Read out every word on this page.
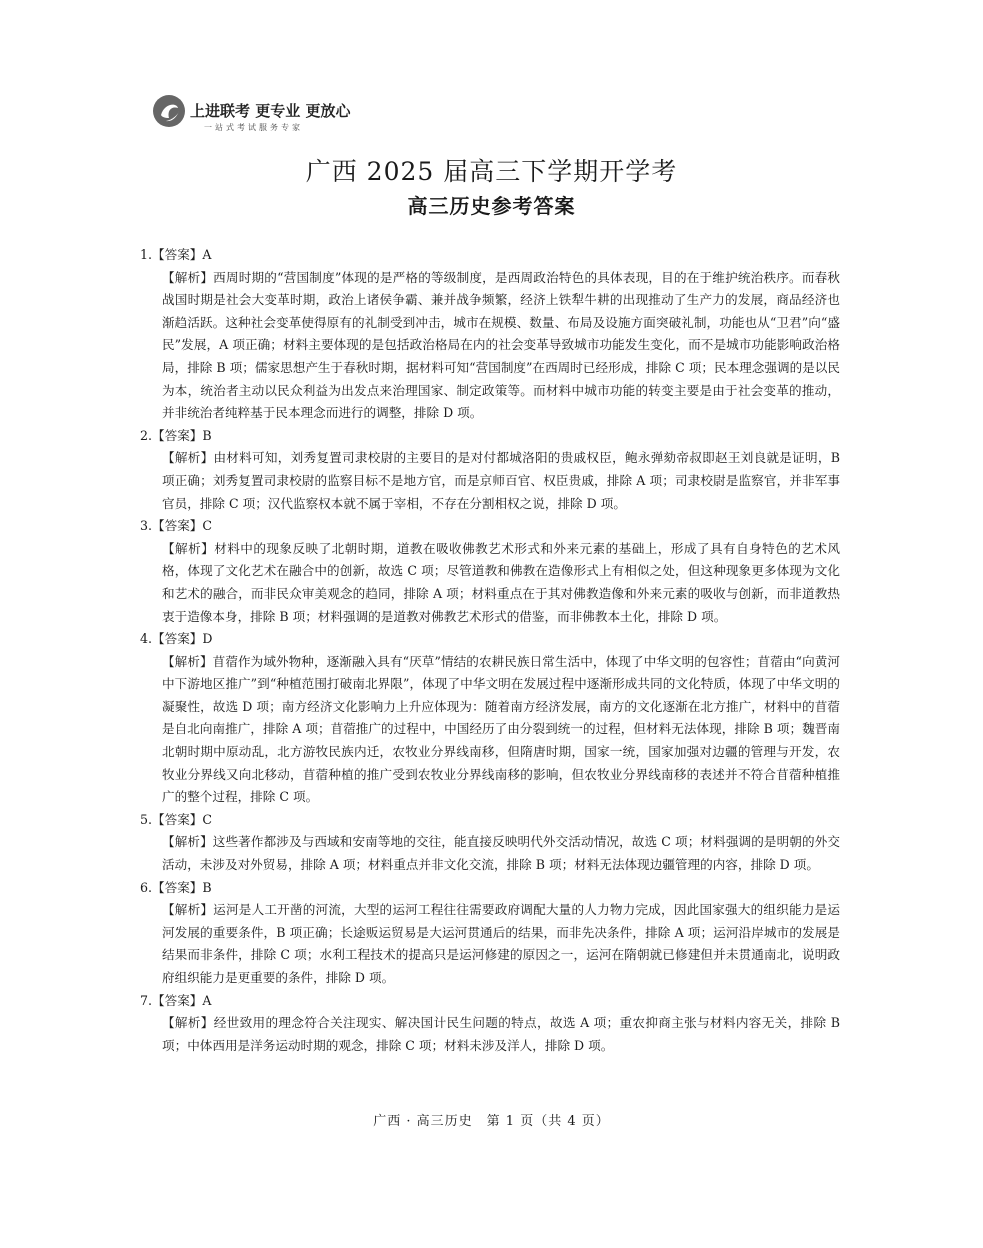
上进联考 更专业 更放心
一站式考试服务专家
广西 2025 届高三下学期开学考
高三历史参考答案

1.【答案】A

【解析】西周时期的“营国制度”体现的是严格的等级制度，是西周政治特色的具体表现，目的在于维护统治秩序。而春秋战国时期是社会大变革时期，政治上诸侯争霸、兼并战争频繁，经济上铁犁牛耕的出现推动了生产力的发展，商品经济也渐趋活跃。这种社会变革使得原有的礼制受到冲击，城市在规模、数量、布局及设施方面突破礼制，功能也从“卫君”向“盛民”发展，A 项正确；材料主要体现的是包括政治格局在内的社会变革导致城市功能发生变化，而不是城市功能影响政治格局，排除 B 项；儒家思想产生于春秋时期，据材料可知“营国制度”在西周时已经形成，排除 C 项；民本理念强调的是以民为本，统治者主动以民众利益为出发点来治理国家、制定政策等。而材料中城市功能的转变主要是由于社会变革的推动，并非统治者纯粹基于民本理念而进行的调整，排除 D 项。

2.【答案】B

【解析】由材料可知，刘秀复置司隶校尉的主要目的是对付都城洛阳的贵戚权臣，鲍永弹劾帝叔即赵王刘良就是证明，B 项正确；刘秀复置司隶校尉的监察目标不是地方官，而是京师百官、权臣贵戚，排除 A 项；司隶校尉是监察官，并非军事官员，排除 C 项；汉代监察权本就不属于宰相，不存在分割相权之说，排除 D 项。

3.【答案】C

【解析】材料中的现象反映了北朝时期，道教在吸收佛教艺术形式和外来元素的基础上，形成了具有自身特色的艺术风格，体现了文化艺术在融合中的创新，故选 C 项；尽管道教和佛教在造像形式上有相似之处，但这种现象更多体现为文化和艺术的融合，而非民众审美观念的趋同，排除 A 项；材料重点在于其对佛教造像和外来元素的吸收与创新，而非道教热衷于造像本身，排除 B 项；材料强调的是道教对佛教艺术形式的借鉴，而非佛教本土化，排除 D 项。

4.【答案】D

【解析】苜蓿作为域外物种，逐渐融入具有“厌草”情结的农耕民族日常生活中，体现了中华文明的包容性；苜蓿由“向黄河中下游地区推广”到“种植范围打破南北界限”，体现了中华文明在发展过程中逐渐形成共同的文化特质，体现了中华文明的凝聚性，故选 D 项；南方经济文化影响力上升应体现为：随着南方经济发展，南方的文化逐渐在北方推广，材料中的苜蓿是自北向南推广，排除 A 项；苜蓿推广的过程中，中国经历了由分裂到统一的过程，但材料无法体现，排除 B 项；魏晋南北朝时期中原动乱，北方游牧民族内迁，农牧业分界线南移，但隋唐时期，国家一统，国家加强对边疆的管理与开发，农牧业分界线又向北移动，苜蓿种植的推广受到农牧业分界线南移的影响，但农牧业分界线南移的表述并不符合苜蓿种植推广的整个过程，排除 C 项。

5.【答案】C

【解析】这些著作都涉及与西域和安南等地的交往，能直接反映明代外交活动情况，故选 C 项；材料强调的是明朝的外交活动，未涉及对外贸易，排除 A 项；材料重点并非文化交流，排除 B 项；材料无法体现边疆管理的内容，排除 D 项。

6.【答案】B

【解析】运河是人工开凿的河流，大型的运河工程往往需要政府调配大量的人力物力完成，因此国家强大的组织能力是运河发展的重要条件，B 项正确；长途贩运贸易是大运河贯通后的结果，而非先决条件，排除 A 项；运河沿岸城市的发展是结果而非条件，排除 C 项；水利工程技术的提高只是运河修建的原因之一，运河在隋朝就已修建但并未贯通南北，说明政府组织能力是更重要的条件，排除 D 项。

7.【答案】A

【解析】经世致用的理念符合关注现实、解决国计民生问题的特点，故选 A 项；重农抑商主张与材料内容无关，排除 B 项；中体西用是洋务运动时期的观念，排除 C 项；材料未涉及洋人，排除 D 项。

广西 · 高三历史　第 1 页（共 4 页）
